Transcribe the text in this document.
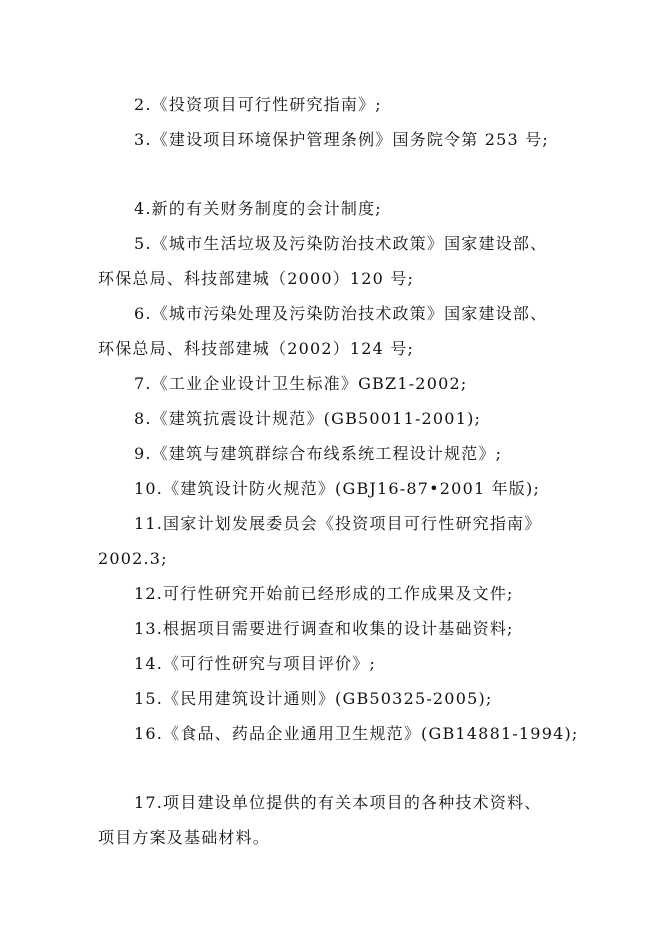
2.《投资项目可行性研究指南》;
3.《建设项目环境保护管理条例》国务院令第 253 号;
4.新的有关财务制度的会计制度;
5.《城市生活垃圾及污染防治技术政策》国家建设部、
环保总局、科技部建城（2000）120 号;
6.《城市污染处理及污染防治技术政策》国家建设部、
环保总局、科技部建城（2002）124 号;
7.《工业企业设计卫生标准》GBZ1-2002;
8.《建筑抗震设计规范》(GB50011-2001);
9.《建筑与建筑群综合布线系统工程设计规范》;
10.《建筑设计防火规范》(GBJ16-87•2001 年版);
11.国家计划发展委员会《投资项目可行性研究指南》
2002.3;
12.可行性研究开始前已经形成的工作成果及文件;
13.根据项目需要进行调查和收集的设计基础资料;
14.《可行性研究与项目评价》;
15.《民用建筑设计通则》(GB50325-2005);
16.《食品、药品企业通用卫生规范》(GB14881-1994);
17.项目建设单位提供的有关本项目的各种技术资料、
项目方案及基础材料。
